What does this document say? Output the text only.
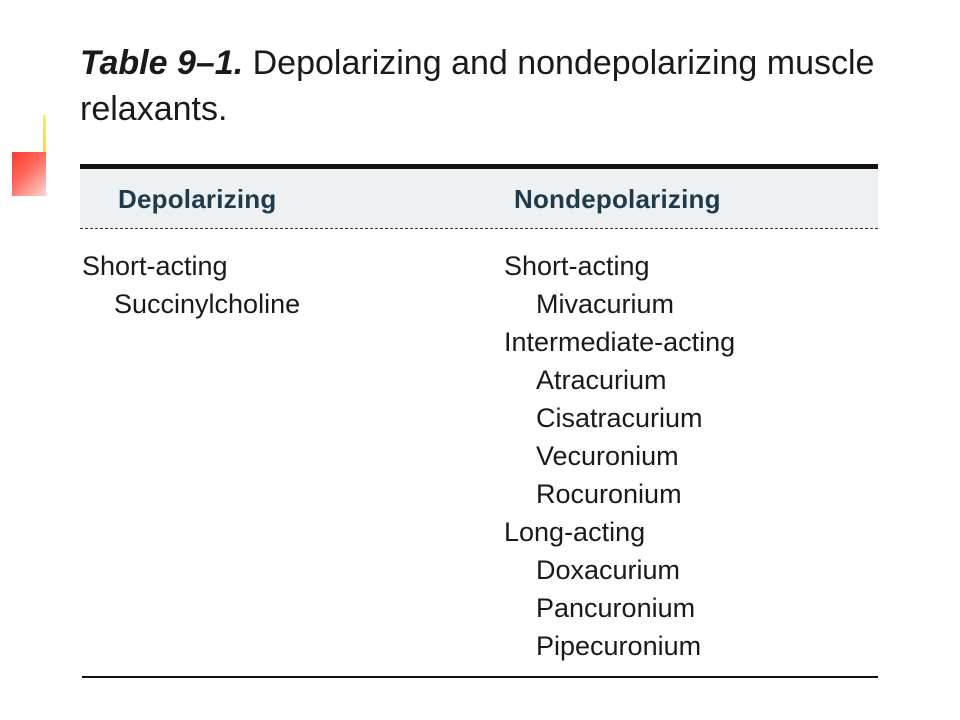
Table 9–1. Depolarizing and nondepolarizing muscle relaxants.
Depolarizing	Nondepolarizing
Short-acting
Succinylcholine
Short-acting
Mivacurium
Intermediate-acting
Atracurium
Cisatracurium
Vecuronium
Rocuronium
Long-acting
Doxacurium
Pancuronium
Pipecuronium
